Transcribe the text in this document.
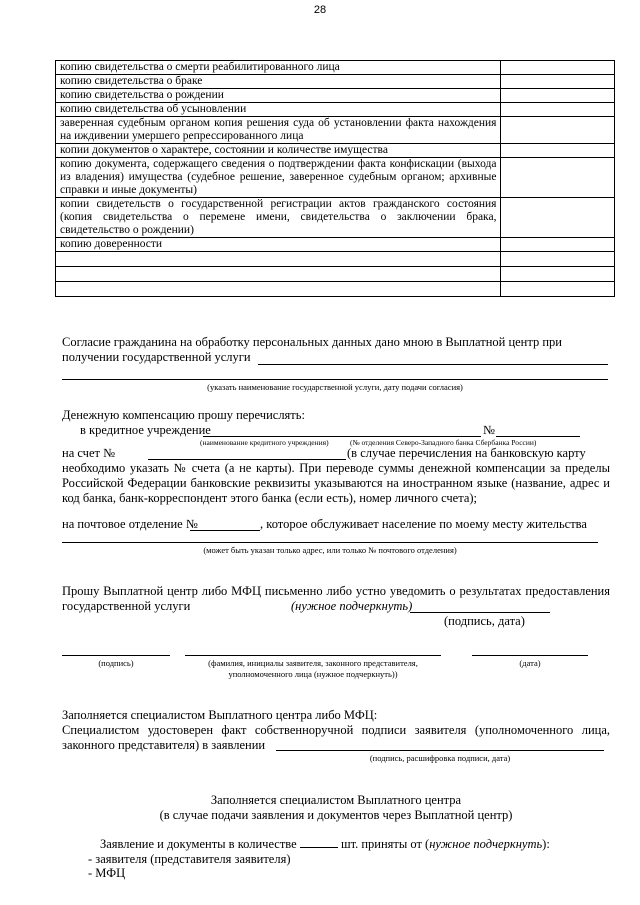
28
копию свидетельства о смерти реабилитированного лица	
копию свидетельства о браке	
копию свидетельства о рождении	
копию свидетельства об усыновлении	
заверенная судебным органом копия решения суда об установлении факта нахождения на иждивении умершего репрессированного лица	
копии документов о характере, состоянии и количестве имущества	
копию документа, содержащего сведения о подтверждении факта конфискации (выхода из владения) имущества (судебное решение, заверенное судебным органом; архивные справки и иные документы)	
копии свидетельств о государственной регистрации актов гражданского состояния (копия свидетельства о перемене имени, свидетельства о заключении брака, свидетельство о рождении)	
копию доверенности	

Согласие гражданина на обработку персональных данных дано мною в Выплатной центр при
получении государственной услуги
(указать наименование государственной услуги, дату подачи согласия)
Денежную компенсацию прошу перечислять:
в кредитное учреждение	№
(наименование кредитного учреждения)	(№ отделения Северо-Западного банка Сбербанка России)
на счет №	(в случае перечисления на банковскую карту
необходимо указать № счета (а не карты). При переводе суммы денежной компенсации за пределы Российской Федерации банковские реквизиты указываются на иностранном языке (название, адрес и код банка, банк-корреспондент этого банка (если есть), номер личного счета);
на почтовое отделение №	, которое обслуживает население по моему месту жительства
(может быть указан только адрес, или только № почтового отделения)
Прошу Выплатной центр либо МФЦ письменно либо устно уведомить о результатах предоставления государственной услуги	(нужное подчеркнуть)
(подпись, дата)
(подпись)	(фамилия, инициалы заявителя, законного представителя,
уполномоченного лица (нужное подчеркнуть))
(дата)
Заполняется специалистом Выплатного центра либо МФЦ:
Специалистом удостоверен факт собственноручной подписи заявителя (уполномоченного лица, законного представителя) в заявлении
(подпись, расшифровка подписи, дата)
Заполняется специалистом Выплатного центра
(в случае подачи заявления и документов через Выплатной центр)
Заявление и документы в количестве	шт. приняты от (нужное подчеркнуть):
- заявителя (представителя заявителя)
- МФЦ
